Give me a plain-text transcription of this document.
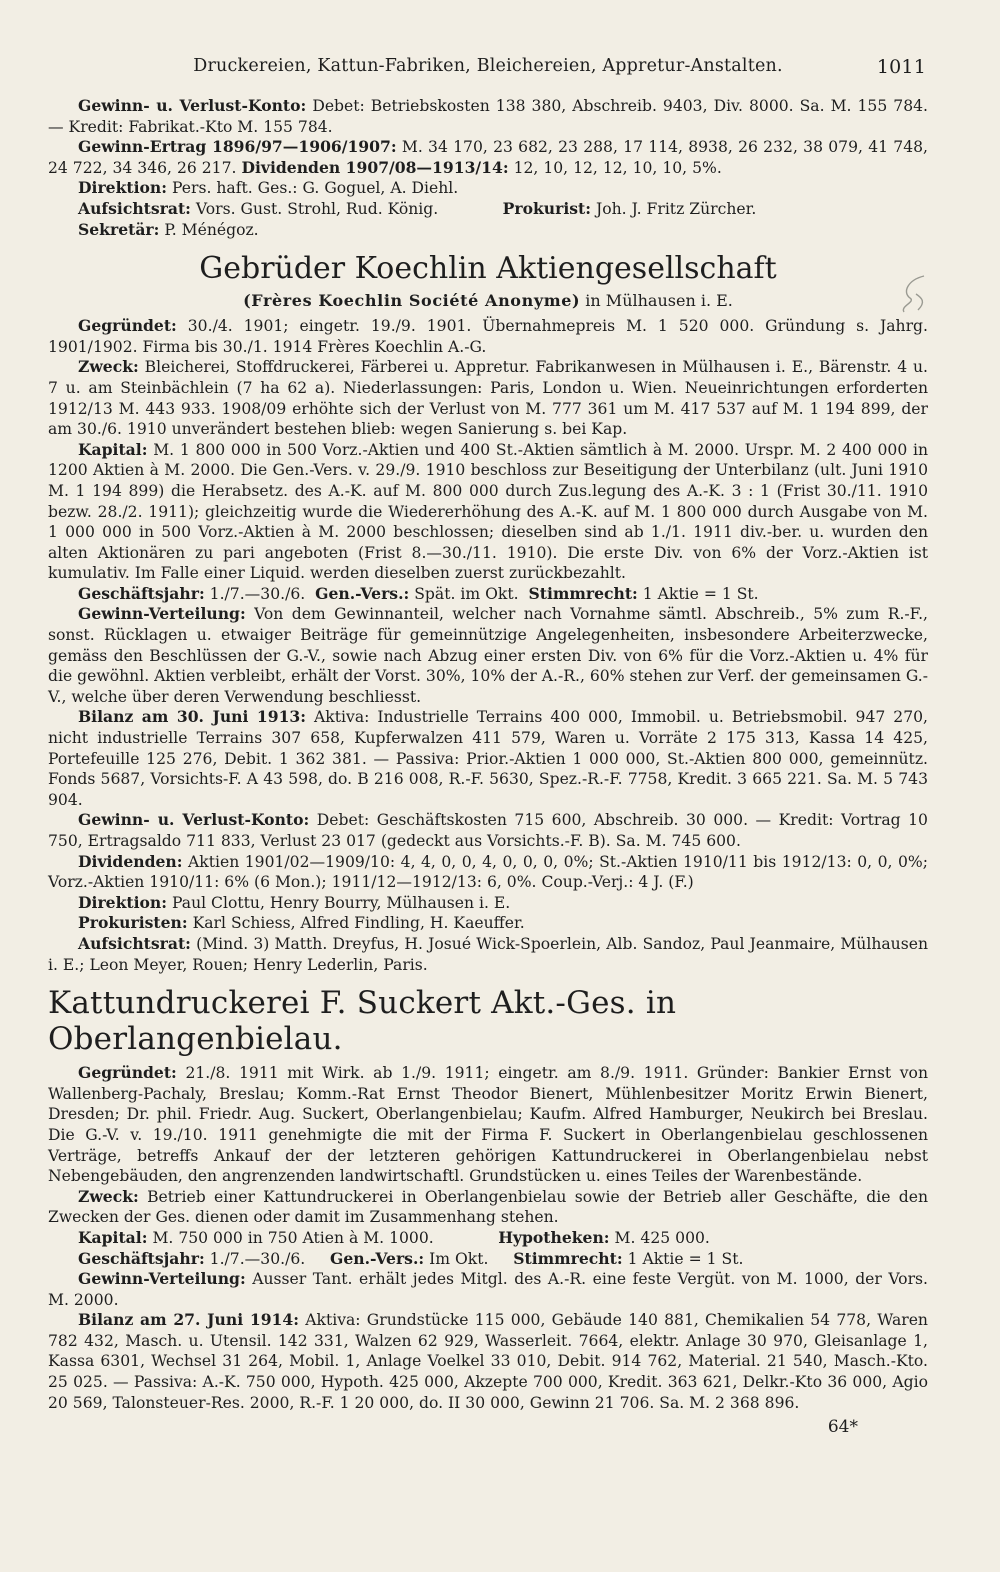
Druckereien, Kattun-Fabriken, Bleichereien, Appretur-Anstalten.	1011

Gewinn- u. Verlust-Konto: Debet: Betriebskosten 138 380, Abschreib. 9403, Div. 8000. Sa. M. 155 784. — Kredit: Fabrikat.-Kto M. 155 784.

Gewinn-Ertrag 1896/97—1906/1907: M. 34 170, 23 682, 23 288, 17 114, 8938, 26 232, 38 079, 41 748, 24 722, 34 346, 26 217. Dividenden 1907/08—1913/14: 12, 10, 12, 12, 10, 10, 5%.

Direktion: Pers. haft. Ges.: G. Goguel, A. Diehl.

Aufsichtsrat: Vors. Gust. Strohl, Rud. König.	Prokurist: Joh. J. Fritz Zürcher.

Sekretär: P. Ménégoz.

Gebrüder Koechlin Aktiengesellschaft
(Frères Koechlin Société Anonyme) in Mülhausen i. E.

Gegründet: 30./4. 1901; eingetr. 19./9. 1901. Übernahmepreis M. 1 520 000. Gründung s. Jahrg. 1901/1902. Firma bis 30./1. 1914 Frères Koechlin A.-G.

Zweck: Bleicherei, Stoffdruckerei, Färberei u. Appretur. Fabrikanwesen in Mülhausen i. E., Bärenstr. 4 u. 7 u. am Steinbächlein (7 ha 62 a). Niederlassungen: Paris, London u. Wien. Neueinrichtungen erforderten 1912/13 M. 443 933. 1908/09 erhöhte sich der Verlust von M. 777 361 um M. 417 537 auf M. 1 194 899, der am 30./6. 1910 unverändert bestehen blieb: wegen Sanierung s. bei Kap.

Kapital: M. 1 800 000 in 500 Vorz.-Aktien und 400 St.-Aktien sämtlich à M. 2000. Urspr. M. 2 400 000 in 1200 Aktien à M. 2000. Die Gen.-Vers. v. 29./9. 1910 beschloss zur Beseitigung der Unterbilanz (ult. Juni 1910 M. 1 194 899) die Herabsetz. des A.-K. auf M. 800 000 durch Zus.legung des A.-K. 3 : 1 (Frist 30./11. 1910 bezw. 28./2. 1911); gleichzeitig wurde die Wiedererhöhung des A.-K. auf M. 1 800 000 durch Ausgabe von M. 1 000 000 in 500 Vorz.-Aktien à M. 2000 beschlossen; dieselben sind ab 1./1. 1911 div.-ber. u. wurden den alten Aktionären zu pari angeboten (Frist 8.—30./11. 1910). Die erste Div. von 6% der Vorz.-Aktien ist kumulativ. Im Falle einer Liquid. werden dieselben zuerst zurückbezahlt.

Geschäftsjahr: 1./7.—30./6. Gen.-Vers.: Spät. im Okt. Stimmrecht: 1 Aktie = 1 St.

Gewinn-Verteilung: Von dem Gewinnanteil, welcher nach Vornahme sämtl. Abschreib., 5% zum R.-F., sonst. Rücklagen u. etwaiger Beiträge für gemeinnützige Angelegenheiten, insbesondere Arbeiterzwecke, gemäss den Beschlüssen der G.-V., sowie nach Abzug einer ersten Div. von 6% für die Vorz.-Aktien u. 4% für die gewöhnl. Aktien verbleibt, erhält der Vorst. 30%, 10% der A.-R., 60% stehen zur Verf. der gemeinsamen G.-V., welche über deren Verwendung beschliesst.

Bilanz am 30. Juni 1913: Aktiva: Industrielle Terrains 400 000, Immobil. u. Betriebsmobil. 947 270, nicht industrielle Terrains 307 658, Kupferwalzen 411 579, Waren u. Vorräte 2 175 313, Kassa 14 425, Portefeuille 125 276, Debit. 1 362 381. — Passiva: Prior.-Aktien 1 000 000, St.-Aktien 800 000, gemeinnütz. Fonds 5687, Vorsichts-F. A 43 598, do. B 216 008, R.-F. 5630, Spez.-R.-F. 7758, Kredit. 3 665 221. Sa. M. 5 743 904.

Gewinn- u. Verlust-Konto: Debet: Geschäftskosten 715 600, Abschreib. 30 000. — Kredit: Vortrag 10 750, Ertragsaldo 711 833, Verlust 23 017 (gedeckt aus Vorsichts.-F. B). Sa. M. 745 600.

Dividenden: Aktien 1901/02—1909/10: 4, 4, 0, 0, 4, 0, 0, 0, 0%; St.-Aktien 1910/11 bis 1912/13: 0, 0, 0%; Vorz.-Aktien 1910/11: 6% (6 Mon.); 1911/12—1912/13: 6, 0%. Coup.-Verj.: 4 J. (F.)

Direktion: Paul Clottu, Henry Bourry, Mülhausen i. E.

Prokuristen: Karl Schiess, Alfred Findling, H. Kaeuffer.

Aufsichtsrat: (Mind. 3) Matth. Dreyfus, H. Josué Wick-Spoerlein, Alb. Sandoz, Paul Jeanmaire, Mülhausen i. E.; Leon Meyer, Rouen; Henry Lederlin, Paris.

Kattundruckerei F. Suckert Akt.-Ges. in Oberlangenbielau.

Gegründet: 21./8. 1911 mit Wirk. ab 1./9. 1911; eingetr. am 8./9. 1911. Gründer: Bankier Ernst von Wallenberg-Pachaly, Breslau; Komm.-Rat Ernst Theodor Bienert, Mühlenbesitzer Moritz Erwin Bienert, Dresden; Dr. phil. Friedr. Aug. Suckert, Oberlangenbielau; Kaufm. Alfred Hamburger, Neukirch bei Breslau. Die G.-V. v. 19./10. 1911 genehmigte die mit der Firma F. Suckert in Oberlangenbielau geschlossenen Verträge, betreffs Ankauf der der letzteren gehörigen Kattundruckerei in Oberlangenbielau nebst Nebengebäuden, den angrenzenden landwirtschaftl. Grundstücken u. eines Teiles der Warenbestände.

Zweck: Betrieb einer Kattundruckerei in Oberlangenbielau sowie der Betrieb aller Geschäfte, die den Zwecken der Ges. dienen oder damit im Zusammenhang stehen.

Kapital: M. 750 000 in 750 Atien à M. 1000.	Hypotheken: M. 425 000.

Geschäftsjahr: 1./7.—30./6. Gen.-Vers.: Im Okt. Stimmrecht: 1 Aktie = 1 St.

Gewinn-Verteilung: Ausser Tant. erhält jedes Mitgl. des A.-R. eine feste Vergüt. von M. 1000, der Vors. M. 2000.

Bilanz am 27. Juni 1914: Aktiva: Grundstücke 115 000, Gebäude 140 881, Chemikalien 54 778, Waren 782 432, Masch. u. Utensil. 142 331, Walzen 62 929, Wasserleit. 7664, elektr. Anlage 30 970, Gleisanlage 1, Kassa 6301, Wechsel 31 264, Mobil. 1, Anlage Voelkel 33 010, Debit. 914 762, Material. 21 540, Masch.-Kto. 25 025. — Passiva: A.-K. 750 000, Hypoth. 425 000, Akzepte 700 000, Kredit. 363 621, Delkr.-Kto 36 000, Agio 20 569, Talonsteuer-Res. 2000, R.-F. 1 20 000, do. II 30 000, Gewinn 21 706. Sa. M. 2 368 896.

64*
